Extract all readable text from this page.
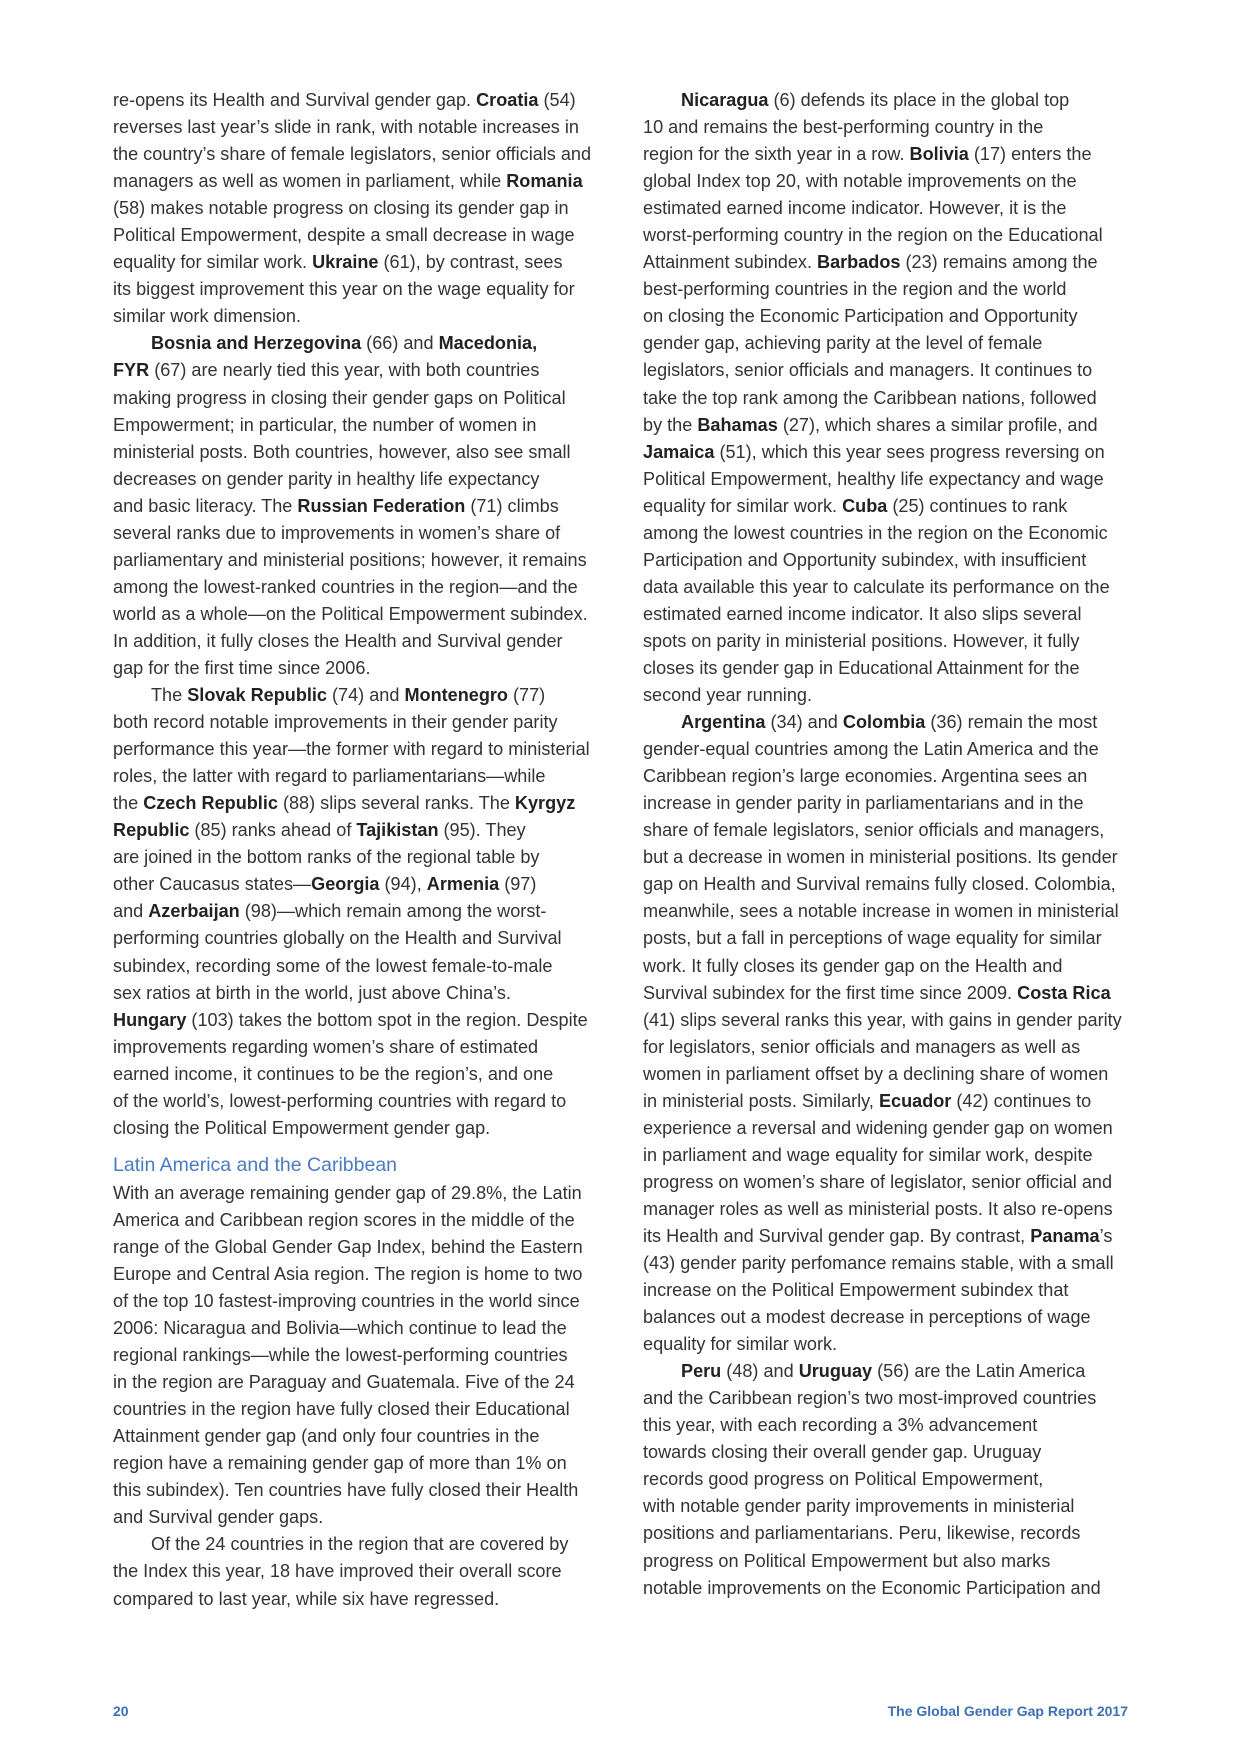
re-opens its Health and Survival gender gap. Croatia (54)

reverses last year’s slide in rank, with notable increases in

the country’s share of female legislators, senior officials and

managers as well as women in parliament, while Romania

(58) makes notable progress on closing its gender gap in

Political Empowerment, despite a small decrease in wage

equality for similar work. Ukraine (61), by contrast, sees

its biggest improvement this year on the wage equality for

similar work dimension.

Bosnia and Herzegovina (66) and Macedonia,

FYR (67) are nearly tied this year, with both countries

making progress in closing their gender gaps on Political

Empowerment; in particular, the number of women in

ministerial posts. Both countries, however, also see small

decreases on gender parity in healthy life expectancy

and basic literacy. The Russian Federation (71) climbs

several ranks due to improvements in women’s share of

parliamentary and ministerial positions; however, it remains

among the lowest-ranked countries in the region—and the

world as a whole—on the Political Empowerment subindex.

In addition, it fully closes the Health and Survival gender

gap for the first time since 2006.

The Slovak Republic (74) and Montenegro (77)

both record notable improvements in their gender parity

performance this year—the former with regard to ministerial

roles, the latter with regard to parliamentarians—while

the Czech Republic (88) slips several ranks. The Kyrgyz

Republic (85) ranks ahead of Tajikistan (95). They

are joined in the bottom ranks of the regional table by

other Caucasus states—Georgia (94), Armenia (97)

and Azerbaijan (98)—which remain among the worst-

performing countries globally on the Health and Survival

subindex, recording some of the lowest female-to-male

sex ratios at birth in the world, just above China’s.

Hungary (103) takes the bottom spot in the region. Despite

improvements regarding women’s share of estimated

earned income, it continues to be the region’s, and one

of the world’s, lowest-performing countries with regard to

closing the Political Empowerment gender gap.

Latin America and the Caribbean

With an average remaining gender gap of 29.8%, the Latin

America and Caribbean region scores in the middle of the

range of the Global Gender Gap Index, behind the Eastern

Europe and Central Asia region. The region is home to two

of the top 10 fastest-improving countries in the world since

2006: Nicaragua and Bolivia—which continue to lead the

regional rankings—while the lowest-performing countries

in the region are Paraguay and Guatemala. Five of the 24

countries in the region have fully closed their Educational

Attainment gender gap (and only four countries in the

region have a remaining gender gap of more than 1% on

this subindex). Ten countries have fully closed their Health

and Survival gender gaps.

Of the 24 countries in the region that are covered by

the Index this year, 18 have improved their overall score

compared to last year, while six have regressed.

Nicaragua (6) defends its place in the global top

10 and remains the best-performing country in the

region for the sixth year in a row. Bolivia (17) enters the

global Index top 20, with notable improvements on the

estimated earned income indicator. However, it is the

worst-performing country in the region on the Educational

Attainment subindex. Barbados (23) remains among the

best-performing countries in the region and the world

on closing the Economic Participation and Opportunity

gender gap, achieving parity at the level of female

legislators, senior officials and managers. It continues to

take the top rank among the Caribbean nations, followed

by the Bahamas (27), which shares a similar profile, and

Jamaica (51), which this year sees progress reversing on

Political Empowerment, healthy life expectancy and wage

equality for similar work. Cuba (25) continues to rank

among the lowest countries in the region on the Economic

Participation and Opportunity subindex, with insufficient

data available this year to calculate its performance on the

estimated earned income indicator. It also slips several

spots on parity in ministerial positions. However, it fully

closes its gender gap in Educational Attainment for the

second year running.

Argentina (34) and Colombia (36) remain the most

gender-equal countries among the Latin America and the

Caribbean region’s large economies. Argentina sees an

increase in gender parity in parliamentarians and in the

share of female legislators, senior officials and managers,

but a decrease in women in ministerial positions. Its gender

gap on Health and Survival remains fully closed. Colombia,

meanwhile, sees a notable increase in women in ministerial

posts, but a fall in perceptions of wage equality for similar

work. It fully closes its gender gap on the Health and

Survival subindex for the first time since 2009. Costa Rica

(41) slips several ranks this year, with gains in gender parity

for legislators, senior officials and managers as well as

women in parliament offset by a declining share of women

in ministerial posts. Similarly, Ecuador (42) continues to

experience a reversal and widening gender gap on women

in parliament and wage equality for similar work, despite

progress on women’s share of legislator, senior official and

manager roles as well as ministerial posts. It also re-opens

its Health and Survival gender gap. By contrast, Panama’s

(43) gender parity perfomance remains stable, with a small

increase on the Political Empowerment subindex that

balances out a modest decrease in perceptions of wage

equality for similar work.

Peru (48) and Uruguay (56) are the Latin America

and the Caribbean region’s two most-improved countries

this year, with each recording a 3% advancement

towards closing their overall gender gap. Uruguay

records good progress on Political Empowerment,

with notable gender parity improvements in ministerial

positions and parliamentarians. Peru, likewise, records

progress on Political Empowerment but also marks

notable improvements on the Economic Participation and

20	The Global Gender Gap Report 2017
